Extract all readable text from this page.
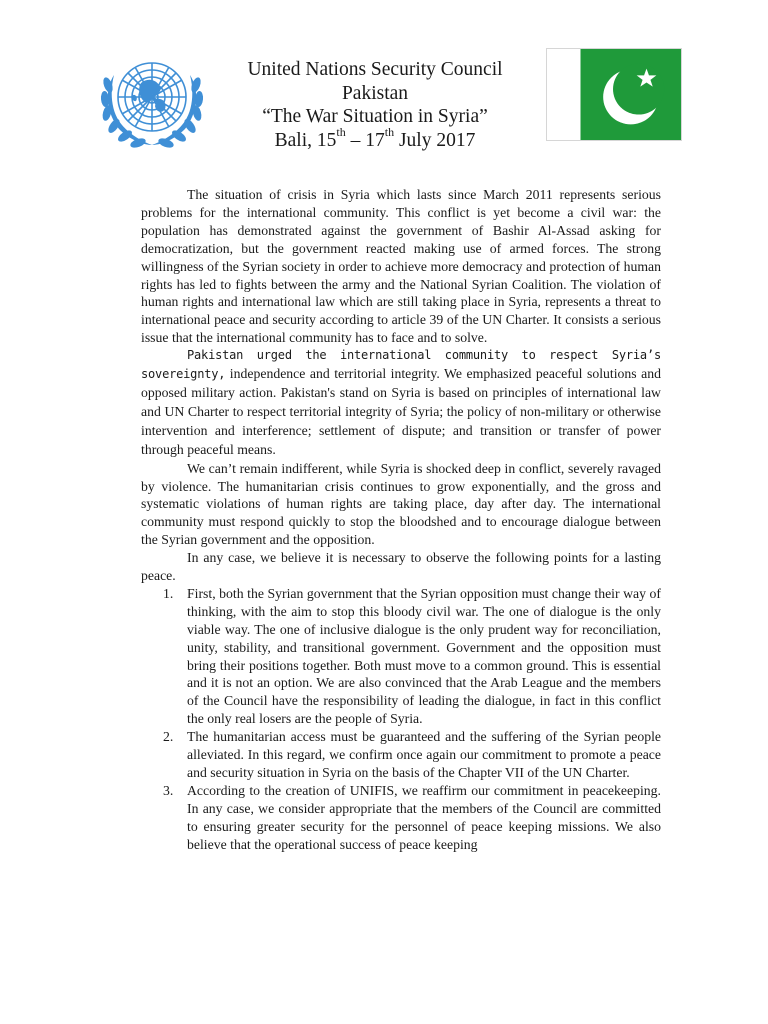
United Nations Security Council
Pakistan
“The War Situation in Syria”
Bali, 15th – 17th July 2017

The situation of crisis in Syria which lasts since March 2011 represents serious problems for the international community. This conflict is yet become a civil war: the population has demonstrated against the government of Bashir Al-Assad asking for democratization, but the government reacted making use of armed forces. The strong willingness of the Syrian society in order to achieve more democracy and protection of human rights has led to fights between the army and the National Syrian Coalition. The violation of human rights and international law which are still taking place in Syria, represents a threat to international peace and security according to article 39 of the UN Charter. It consists a serious issue that the international community has to face and to solve.

Pakistan urged the international community to respect Syria’s sovereignty, independence and territorial integrity. We emphasized peaceful solutions and opposed military action. Pakistan's stand on Syria is based on principles of international law and UN Charter to respect territorial integrity of Syria; the policy of non-military or otherwise intervention and interference; settlement of dispute; and transition or transfer of power through peaceful means.

We can’t remain indifferent, while Syria is shocked deep in conflict, severely ravaged by violence. The humanitarian crisis continues to grow exponentially, and the gross and systematic violations of human rights are taking place, day after day. The international community must respond quickly to stop the bloodshed and to encourage dialogue between the Syrian government and the opposition.

In any case, we believe it is necessary to observe the following points for a lasting peace.

1. First, both the Syrian government that the Syrian opposition must change their way of thinking, with the aim to stop this bloody civil war. The one of dialogue is the only viable way. The one of inclusive dialogue is the only prudent way for reconciliation, unity, stability, and transitional government. Government and the opposition must bring their positions together. Both must move to a common ground. This is essential and it is not an option. We are also convinced that the Arab League and the members of the Council have the responsibility of leading the dialogue, in fact in this conflict the only real losers are the people of Syria.
2. The humanitarian access must be guaranteed and the suffering of the Syrian people alleviated. In this regard, we confirm once again our commitment to promote a peace and security situation in Syria on the basis of the Chapter VII of the UN Charter.
3. According to the creation of UNIFIS, we reaffirm our commitment in peacekeeping. In any case, we consider appropriate that the members of the Council are committed to ensuring greater security for the personnel of peace keeping missions. We also believe that the operational success of peace keeping
